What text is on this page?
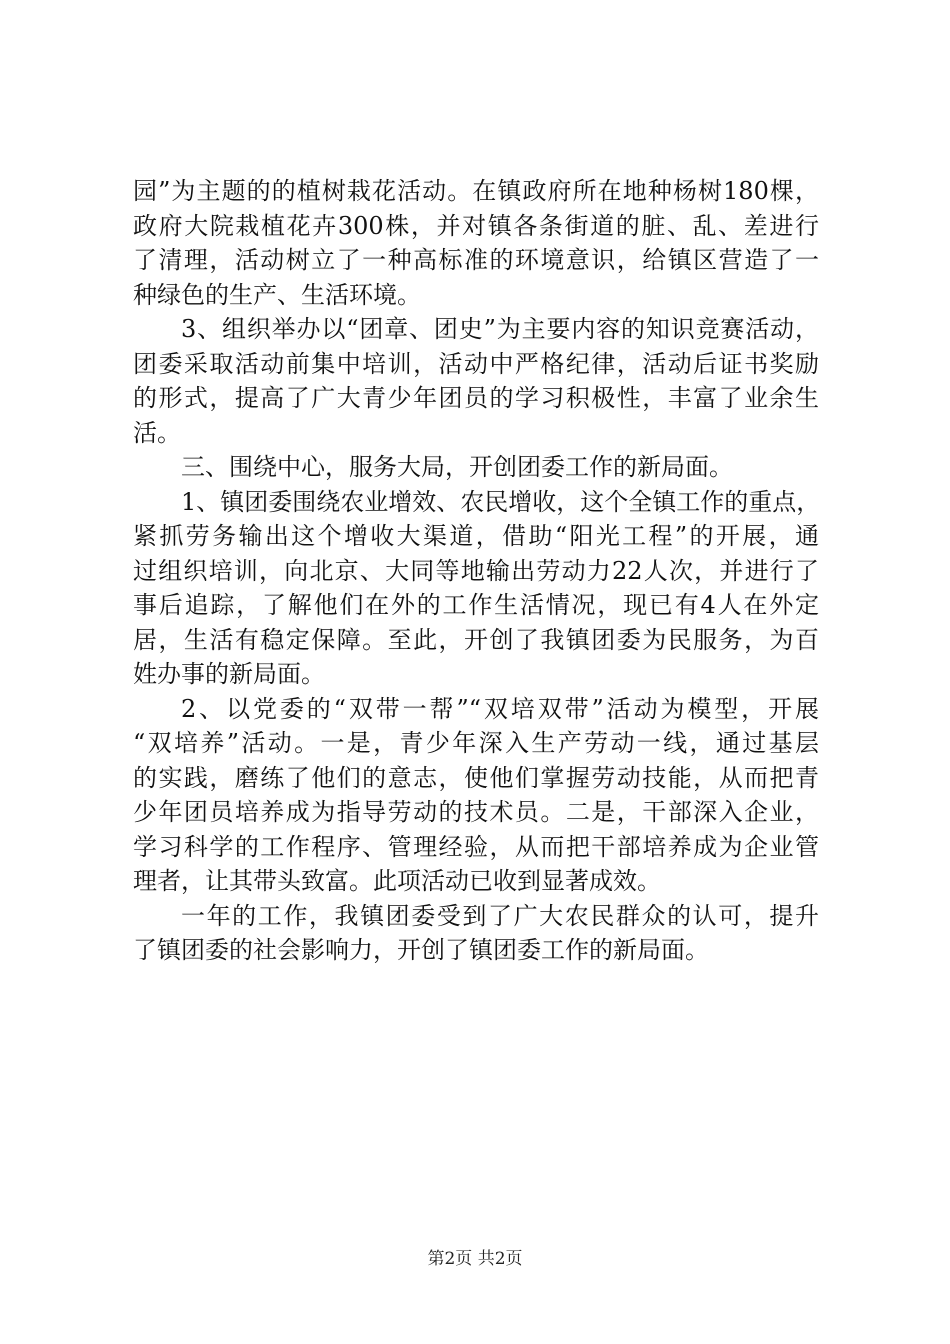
园”为主题的的植树栽花活动。在镇政府所在地种杨树180棵，
政府大院栽植花卉300株，并对镇各条街道的脏、乱、差进行
了清理，活动树立了一种高标准的环境意识，给镇区营造了一
种绿色的生产、生活环境。
3、组织举办以“团章、团史”为主要内容的知识竞赛活动，
团委采取活动前集中培训，活动中严格纪律，活动后证书奖励
的形式，提高了广大青少年团员的学习积极性，丰富了业余生
活。
三、围绕中心，服务大局，开创团委工作的新局面。
1、镇团委围绕农业增效、农民增收，这个全镇工作的重点，
紧抓劳务输出这个增收大渠道，借助“阳光工程”的开展，通
过组织培训，向北京、大同等地输出劳动力22人次，并进行了
事后追踪，了解他们在外的工作生活情况，现已有4人在外定
居，生活有稳定保障。至此，开创了我镇团委为民服务，为百
姓办事的新局面。
2、以党委的“双带一帮”“双培双带”活动为模型，开展
“双培养”活动。一是，青少年深入生产劳动一线，通过基层
的实践，磨练了他们的意志，使他们掌握劳动技能，从而把青
少年团员培养成为指导劳动的技术员。二是，干部深入企业，
学习科学的工作程序、管理经验，从而把干部培养成为企业管
理者，让其带头致富。此项活动已收到显著成效。
一年的工作，我镇团委受到了广大农民群众的认可，提升
了镇团委的社会影响力，开创了镇团委工作的新局面。
第2页 共2页
